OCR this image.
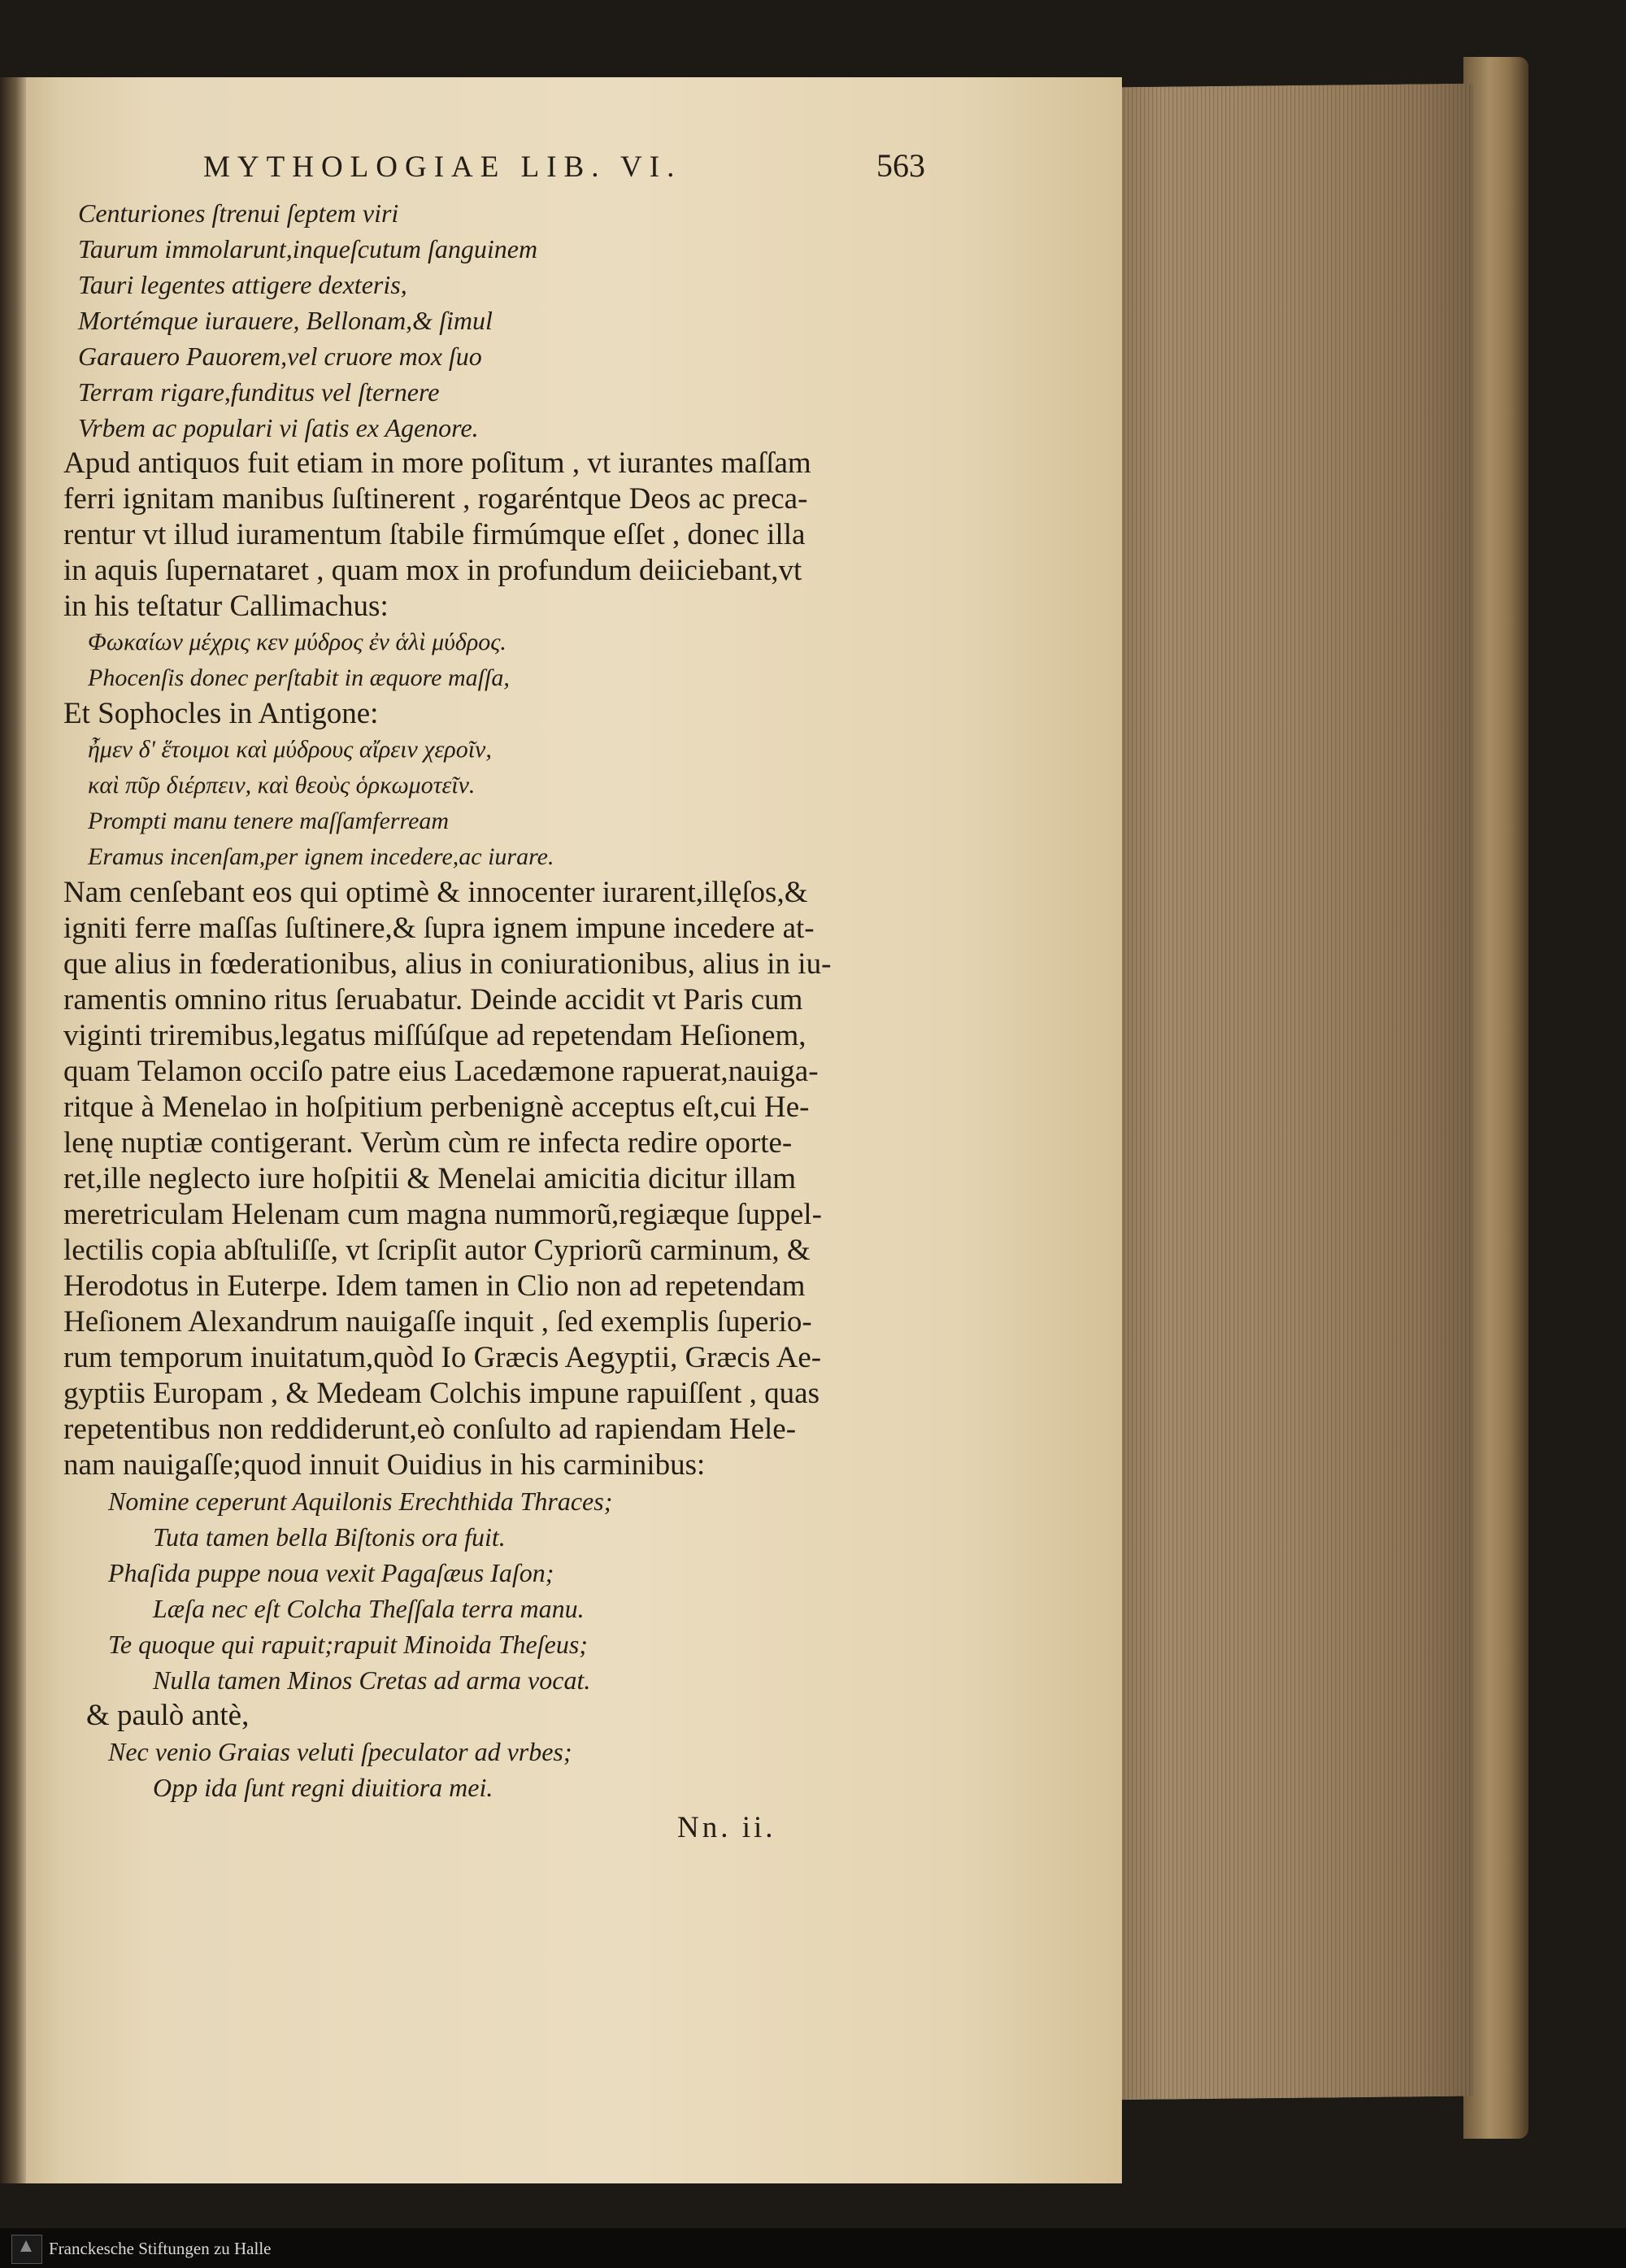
MYTHOLOGIAE LIB. VI.	563
Centuriones ſtrenui ſeptem viri
Taurum immolarunt,inqueſcutum ſanguinem
Tauri legentes attigere dexteris,
Mortémque iurauere, Bellonam,& ſimul
Garauero Pauorem,vel cruore mox ſuo
Terram rigare,funditus vel ſternere
Vrbem ac populari vi ſatis ex Agenore.
Apud antiquos fuit etiam in more poſitum , vt iurantes maſſam
ferri ignitam manibus ſuſtinerent , rogaréntque Deos ac preca-
rentur vt illud iuramentum ſtabile firmúmque eſſet , donec illa
in aquis ſupernataret , quam mox in profundum deiiciebant,vt
in his teſtatur Callimachus:
Φωκαίων μέχρις κεν μύδρος ἐν ἁλὶ μύδρος.
Phocenſis donec perſtabit in æquore maſſa,
Et Sophocles in Antigone:
ἦμεν δ' ἕτοιμοι καὶ μύδρους αἴρειν χεροῖν,
καὶ πῦρ διέρπειν, καὶ θεοὺς ὁρκωμοτεῖν.
Prompti manu tenere maſſamferream
Eramus incenſam,per ignem incedere,ac iurare.
Nam cenſebant eos qui optimè & innocenter iurarent,illęſos,&
igniti ferre maſſas ſuſtinere,& ſupra ignem impune incedere at-
que alius in fœderationibus, alius in coniurationibus, alius in iu-
ramentis omnino ritus ſeruabatur. Deinde accidit vt Paris cum
viginti triremibus,legatus miſſúſque ad repetendam Heſionem,
quam Telamon occiſo patre eius Lacedæmone rapuerat,nauiga-
ritque à Menelao in hoſpitium perbenignè acceptus eſt,cui He-
lenę nuptiæ contigerant. Verùm cùm re infecta redire oporte-
ret,ille neglecto iure hoſpitii & Menelai amicitia dicitur illam
meretriculam Helenam cum magna nummorũ,regiæque ſuppel-
lectilis copia abſtuliſſe, vt ſcripſit autor Cypriorũ carminum, &
Herodotus in Euterpe. Idem tamen in Clio non ad repetendam
Heſionem Alexandrum nauigaſſe inquit , ſed exemplis ſuperio-
rum temporum inuitatum,quòd Io Græcis Aegyptii, Græcis Ae-
gyptiis Europam , & Medeam Colchis impune rapuiſſent , quas
repetentibus non reddiderunt,eò conſulto ad rapiendam Hele-
nam nauigaſſe;quod innuit Ouidius in his carminibus:
Nomine ceperunt Aquilonis Erechthida Thraces;
Tuta tamen bella Biſtonis ora fuit.
Phaſida puppe noua vexit Pagaſæus Iaſon;
Læſa nec eſt Colcha Theſſala terra manu.
Te quoque qui rapuit;rapuit Minoida Theſeus;
Nulla tamen Minos Cretas ad arma vocat.
& paulò antè,
Nec venio Graias veluti ſpeculator ad vrbes;
Opp ida ſunt regni diuitiora mei.
Nn. ii.
Franckesche Stiftungen zu Halle
